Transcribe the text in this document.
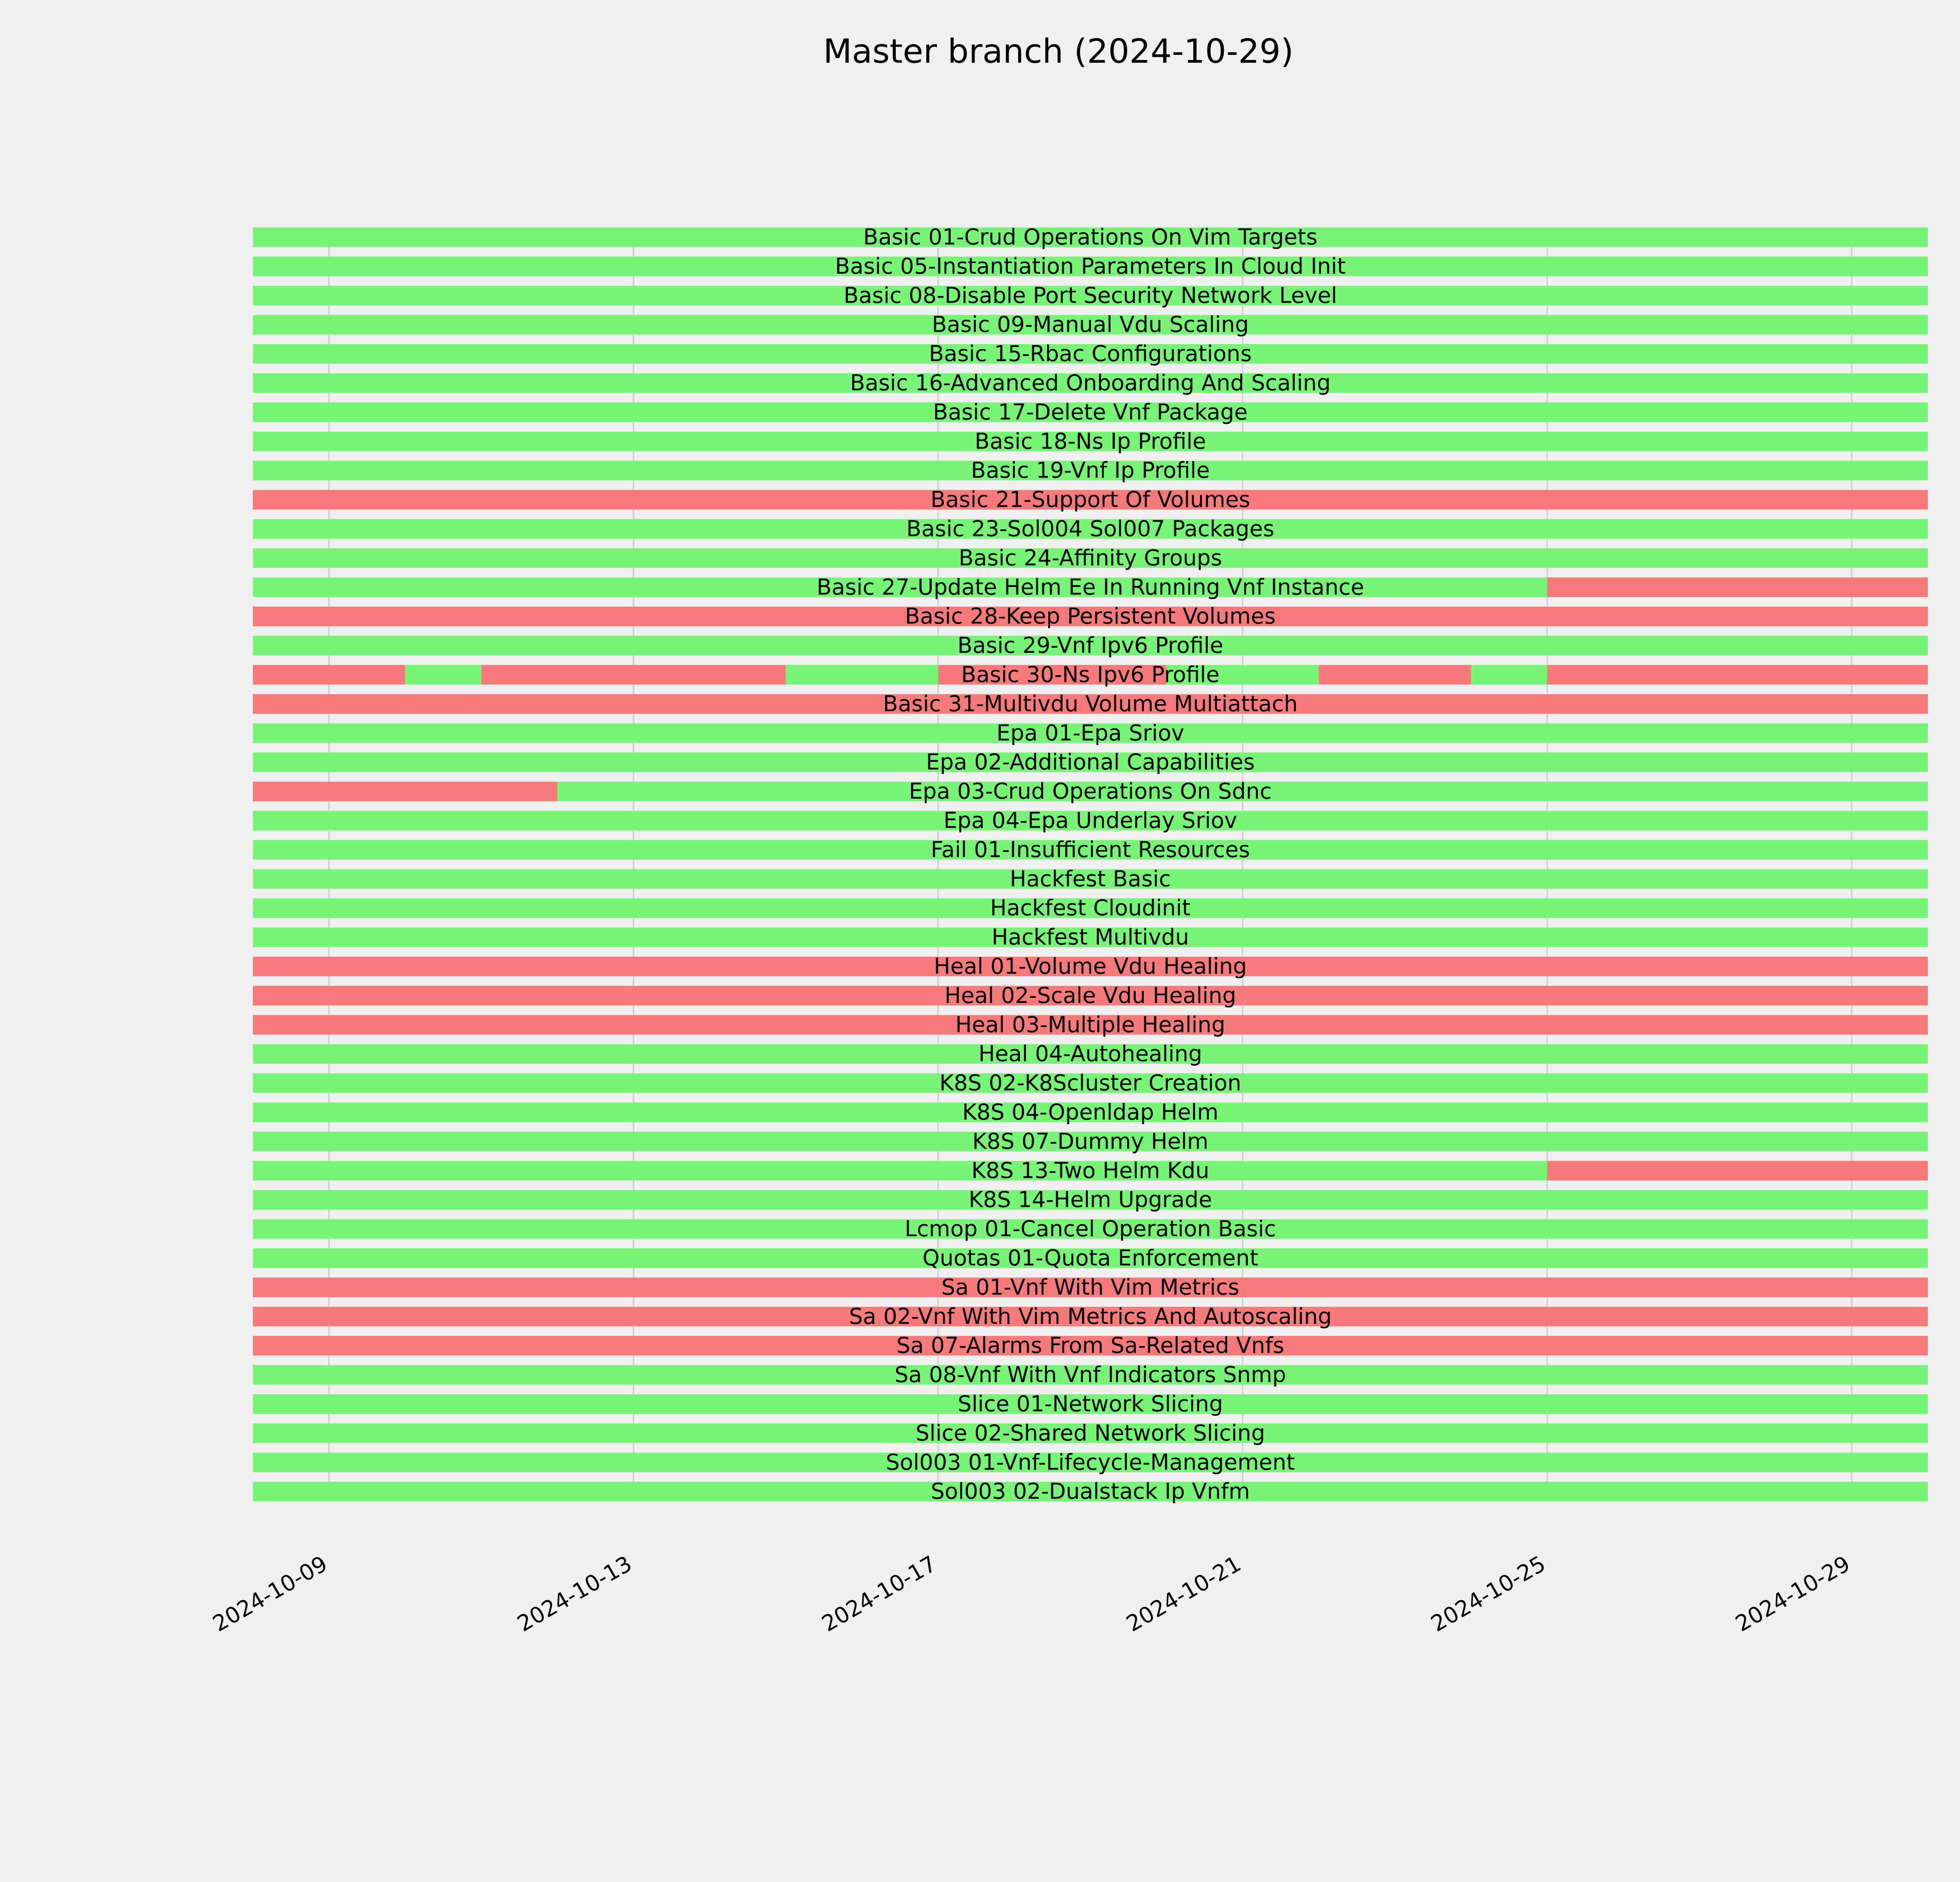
Master branch (2024-10-29)
Basic 01-Crud Operations On Vim Targets
Basic 05-Instantiation Parameters In Cloud Init
Basic 08-Disable Port Security Network Level
Basic 09-Manual Vdu Scaling
Basic 15-Rbac Configurations
Basic 16-Advanced Onboarding And Scaling
Basic 17-Delete Vnf Package
Basic 18-Ns Ip Profile
Basic 19-Vnf Ip Profile
Basic 21-Support Of Volumes
Basic 23-Sol004 Sol007 Packages
Basic 24-Affinity Groups
Basic 27-Update Helm Ee In Running Vnf Instance
Basic 28-Keep Persistent Volumes
Basic 29-Vnf Ipv6 Profile
Basic 30-Ns Ipv6 Profile
Basic 31-Multivdu Volume Multiattach
Epa 01-Epa Sriov
Epa 02-Additional Capabilities
Epa 03-Crud Operations On Sdnc
Epa 04-Epa Underlay Sriov
Fail 01-Insufficient Resources
Hackfest Basic
Hackfest Cloudinit
Hackfest Multivdu
Heal 01-Volume Vdu Healing
Heal 02-Scale Vdu Healing
Heal 03-Multiple Healing
Heal 04-Autohealing
K8S 02-K8Scluster Creation
K8S 04-Openldap Helm
K8S 07-Dummy Helm
K8S 13-Two Helm Kdu
K8S 14-Helm Upgrade
Lcmop 01-Cancel Operation Basic
Quotas 01-Quota Enforcement
Sa 01-Vnf With Vim Metrics
Sa 02-Vnf With Vim Metrics And Autoscaling
Sa 07-Alarms From Sa-Related Vnfs
Sa 08-Vnf With Vnf Indicators Snmp
Slice 01-Network Slicing
Slice 02-Shared Network Slicing
Sol003 01-Vnf-Lifecycle-Management
Sol003 02-Dualstack Ip Vnfm
2024-10-09	2024-10-13	2024-10-17	2024-10-21	2024-10-25	2024-10-29
